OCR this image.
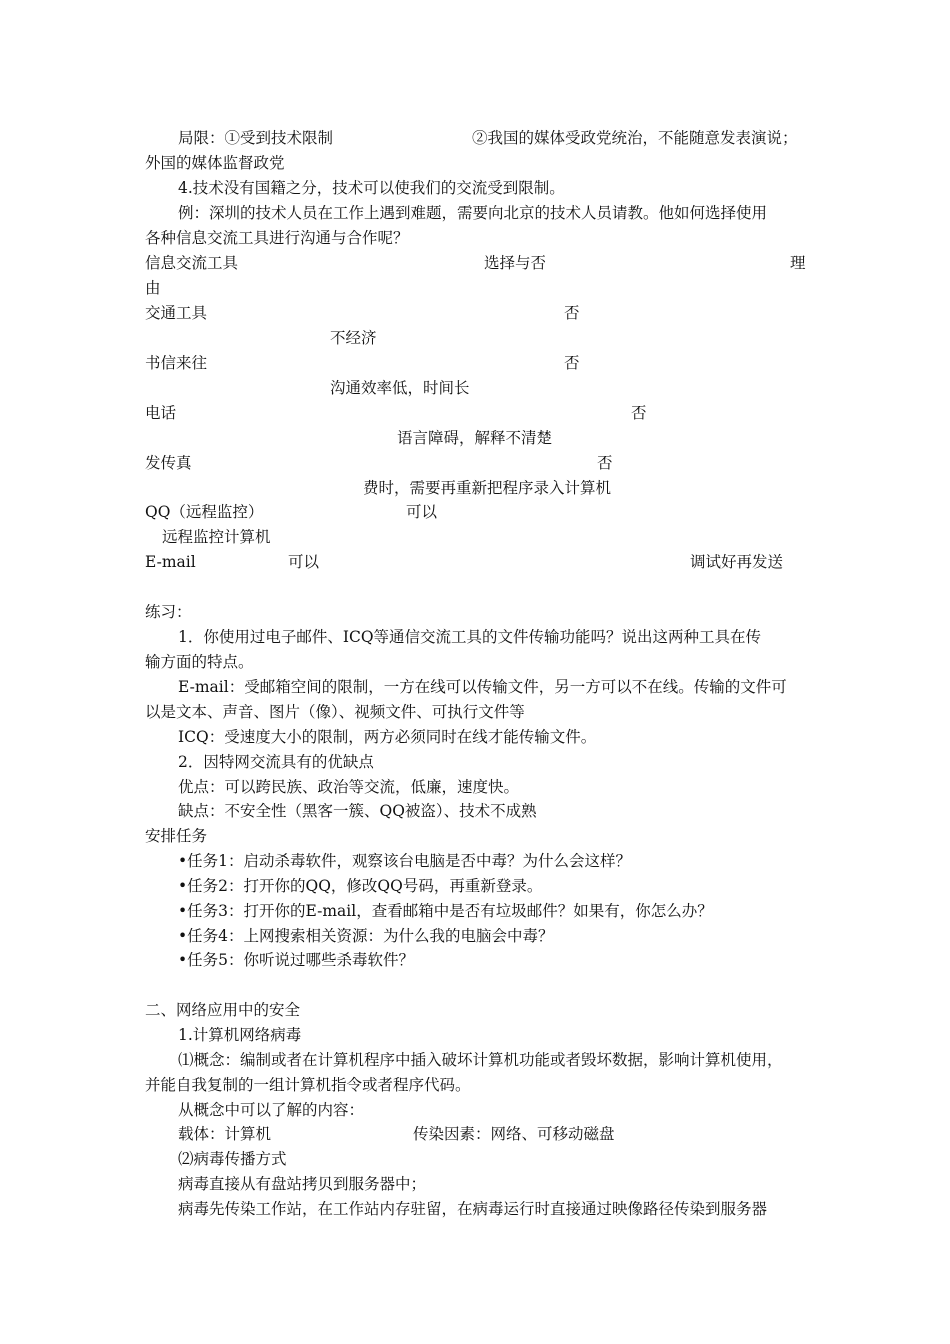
局限：①受到技术限制	②我国的媒体受政党统治，不能随意发表演说；
外国的媒体监督政党
4.技术没有国籍之分，技术可以使我们的交流受到限制。
例：深圳的技术人员在工作上遇到难题，需要向北京的技术人员请教。他如何选择使用
各种信息交流工具进行沟通与合作呢？
信息交流工具	选择与否	理
由
交通工具	否
不经济
书信来往	否
沟通效率低，时间长
电话	否
语言障碍，解释不清楚
发传真	否
费时，需要再重新把程序录入计算机
QQ（远程监控）	可以
远程监控计算机
E-mail	可以	调试好再发送
练习：
1．你使用过电子邮件、ICQ等通信交流工具的文件传输功能吗？说出这两种工具在传
输方面的特点。
E-mail：受邮箱空间的限制，一方在线可以传输文件，另一方可以不在线。传输的文件可
以是文本、声音、图片（像）、视频文件、可执行文件等
ICQ：受速度大小的限制，两方必须同时在线才能传输文件。
2．因特网交流具有的优缺点
优点：可以跨民族、政治等交流，低廉，速度快。
缺点：不安全性（黑客一簇、QQ被盗）、技术不成熟
安排任务
•任务1：启动杀毒软件，观察该台电脑是否中毒？为什么会这样？
•任务2：打开你的QQ，修改QQ号码，再重新登录。
•任务3：打开你的E-mail，查看邮箱中是否有垃圾邮件？如果有，你怎么办？
•任务4：上网搜索相关资源：为什么我的电脑会中毒？
•任务5：你听说过哪些杀毒软件？
二、网络应用中的安全
1.计算机网络病毒
⑴概念：编制或者在计算机程序中插入破坏计算机功能或者毁坏数据，影响计算机使用，
并能自我复制的一组计算机指令或者程序代码。
从概念中可以了解的内容：
载体：计算机	传染因素：网络、可移动磁盘
⑵病毒传播方式
病毒直接从有盘站拷贝到服务器中；
病毒先传染工作站，在工作站内存驻留，在病毒运行时直接通过映像路径传染到服务器
